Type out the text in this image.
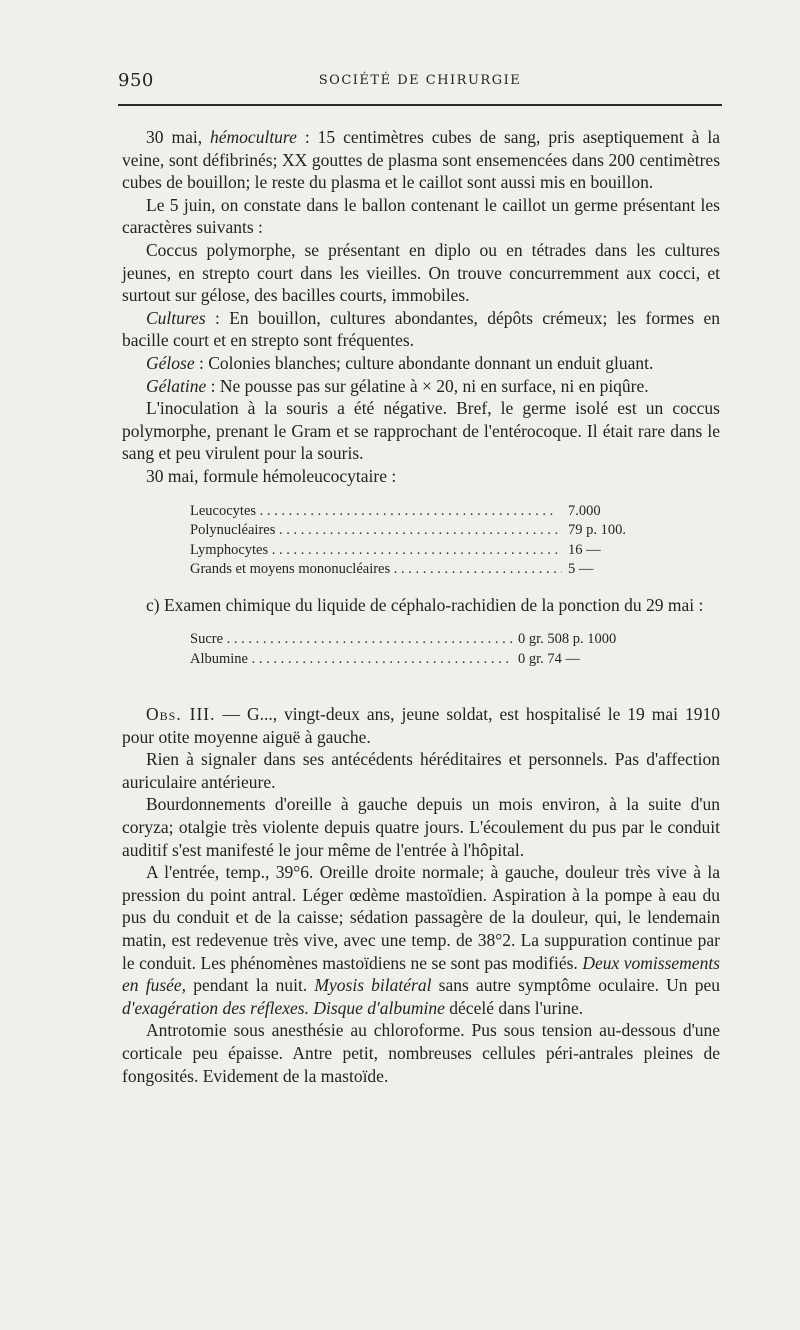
950	SOCIÉTÉ DE CHIRURGIE

30 mai, hémoculture : 15 centimètres cubes de sang, pris aseptiquement à la veine, sont défibrinés; XX gouttes de plasma sont ensemencées dans 200 centimètres cubes de bouillon; le reste du plasma et le caillot sont aussi mis en bouillon.

Le 5 juin, on constate dans le ballon contenant le caillot un germe présentant les caractères suivants :

Coccus polymorphe, se présentant en diplo ou en tétrades dans les cultures jeunes, en strepto court dans les vieilles. On trouve concurremment aux cocci, et surtout sur gélose, des bacilles courts, immobiles.

Cultures : En bouillon, cultures abondantes, dépôts crémeux; les formes en bacille court et en strepto sont fréquentes.

Gélose : Colonies blanches; culture abondante donnant un enduit gluant.

Gélatine : Ne pousse pas sur gélatine à × 20, ni en surface, ni en piqûre.

L'inoculation à la souris a été négative. Bref, le germe isolé est un coccus polymorphe, prenant le Gram et se rapprochant de l'entérocoque. Il était rare dans le sang et peu virulent pour la souris.

30 mai, formule hémoleucocytaire :

Leucocytes . . .	7.000
Polynucléaires . . .	79 p. 100.
Lymphocytes . . .	16 —
Grands et moyens mononucléaires . . .	5 —

c) Examen chimique du liquide de céphalo-rachidien de la ponction du 29 mai :

Sucre . . .	0 gr. 508 p. 1000
Albumine . . .	0 gr. 74 —

Obs. III. — G..., vingt-deux ans, jeune soldat, est hospitalisé le 19 mai 1910 pour otite moyenne aiguë à gauche.

Rien à signaler dans ses antécédents héréditaires et personnels. Pas d'affection auriculaire antérieure.

Bourdonnements d'oreille à gauche depuis un mois environ, à la suite d'un coryza; otalgie très violente depuis quatre jours. L'écoulement du pus par le conduit auditif s'est manifesté le jour même de l'entrée à l'hôpital.

A l'entrée, temp., 39°6. Oreille droite normale; à gauche, douleur très vive à la pression du point antral. Léger œdème mastoïdien. Aspiration à la pompe à eau du pus du conduit et de la caisse; sédation passagère de la douleur, qui, le lendemain matin, est redevenue très vive, avec une temp. de 38°2. La suppuration continue par le conduit. Les phénomènes mastoïdiens ne se sont pas modifiés. Deux vomissements en fusée, pendant la nuit. Myosis bilatéral sans autre symptôme oculaire. Un peu d'exagération des réflexes. Disque d'albumine décelé dans l'urine.

Antrotomie sous anesthésie au chloroforme. Pus sous tension au-dessous d'une corticale peu épaisse. Antre petit, nombreuses cellules péri-antrales pleines de fongosités. Evidement de la mastoïde.
